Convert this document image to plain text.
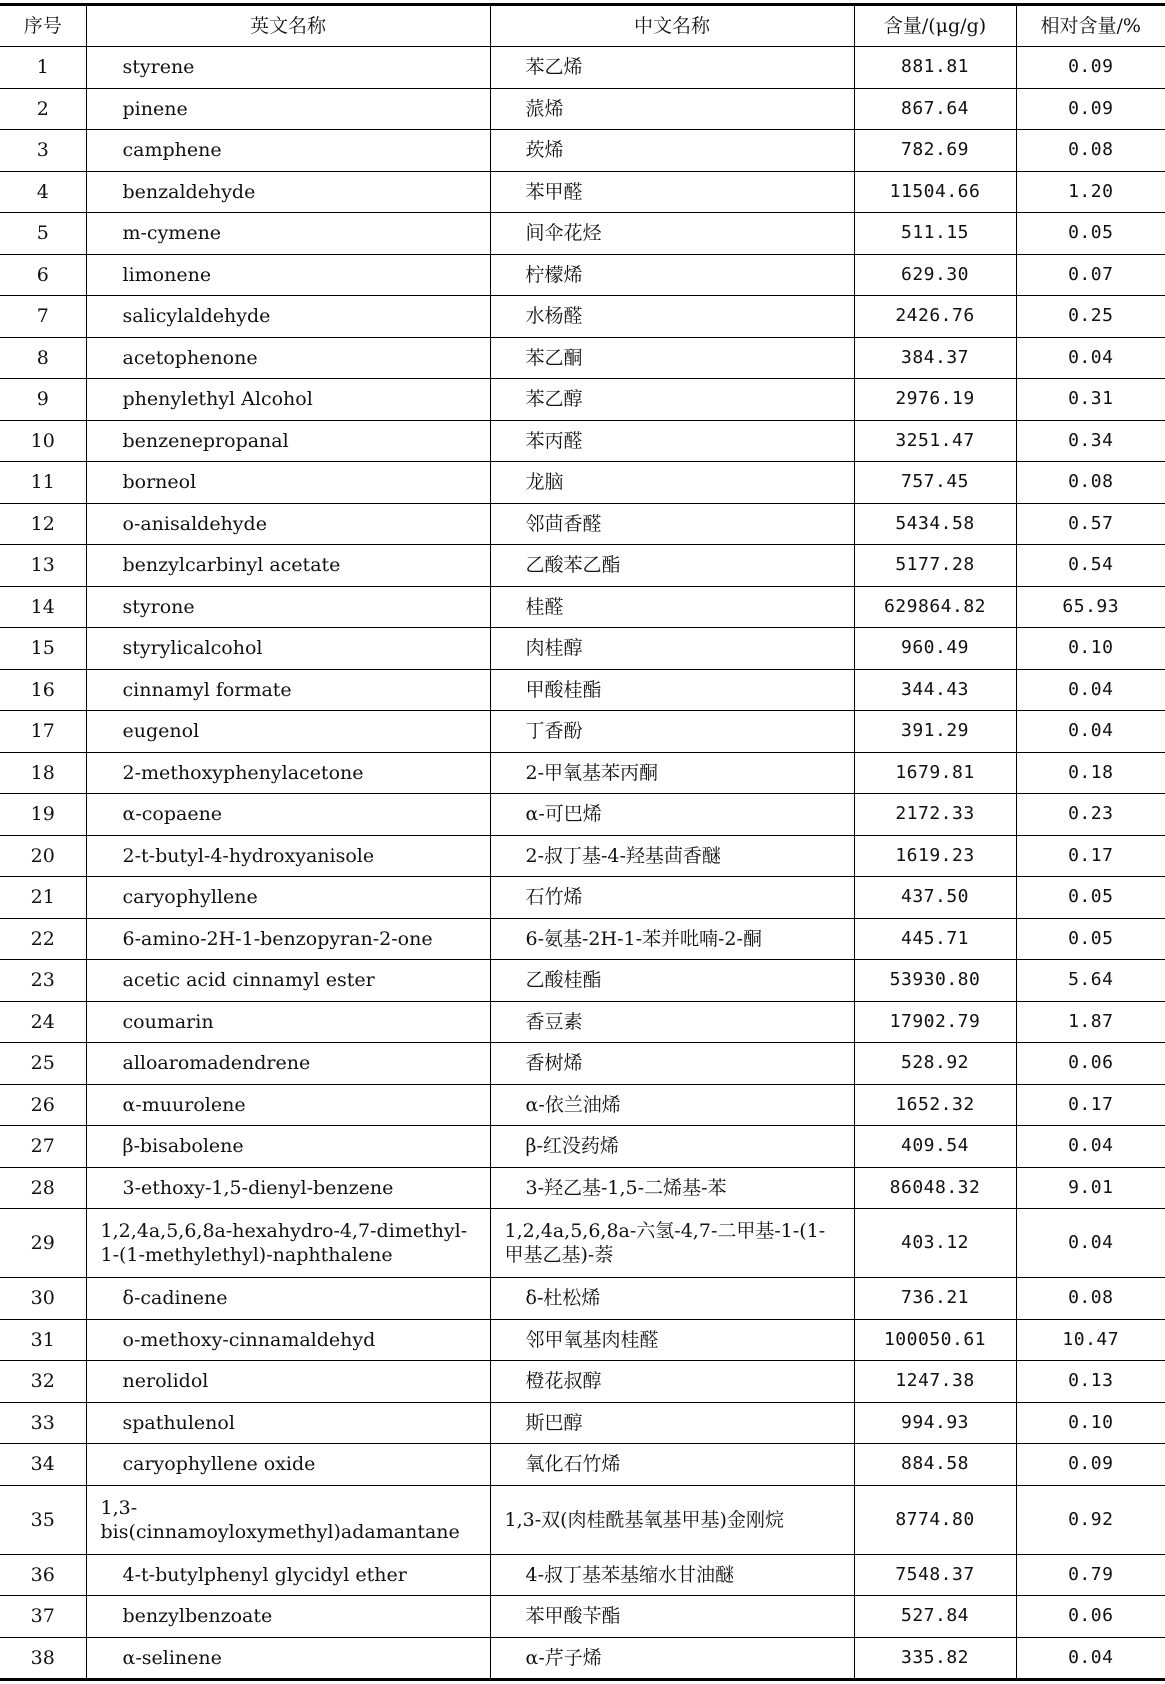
序号	英文名称	中文名称	含量/(μg/g)	相对含量/%
1	styrene	苯乙烯	881.81	0.09
2	pinene	蒎烯	867.64	0.09
3	camphene	莰烯	782.69	0.08
4	benzaldehyde	苯甲醛	11504.66	1.20
5	m-cymene	间伞花烃	511.15	0.05
6	limonene	柠檬烯	629.30	0.07
7	salicylaldehyde	水杨醛	2426.76	0.25
8	acetophenone	苯乙酮	384.37	0.04
9	phenylethyl Alcohol	苯乙醇	2976.19	0.31
10	benzenepropanal	苯丙醛	3251.47	0.34
11	borneol	龙脑	757.45	0.08
12	o-anisaldehyde	邻茴香醛	5434.58	0.57
13	benzylcarbinyl acetate	乙酸苯乙酯	5177.28	0.54
14	styrone	桂醛	629864.82	65.93
15	styrylicalcohol	肉桂醇	960.49	0.10
16	cinnamyl formate	甲酸桂酯	344.43	0.04
17	eugenol	丁香酚	391.29	0.04
18	2-methoxyphenylacetone	2-甲氧基苯丙酮	1679.81	0.18
19	α-copaene	α-可巴烯	2172.33	0.23
20	2-t-butyl-4-hydroxyanisole	2-叔丁基-4-羟基茴香醚	1619.23	0.17
21	caryophyllene	石竹烯	437.50	0.05
22	6-amino-2H-1-benzopyran-2-one	6-氨基-2H-1-苯并吡喃-2-酮	445.71	0.05
23	acetic acid cinnamyl ester	乙酸桂酯	53930.80	5.64
24	coumarin	香豆素	17902.79	1.87
25	alloaromadendrene	香树烯	528.92	0.06
26	α-muurolene	α-依兰油烯	1652.32	0.17
27	β-bisabolene	β-红没药烯	409.54	0.04
28	3-ethoxy-1,5-dienyl-benzene	3-羟乙基-1,5-二烯基-苯	86048.32	9.01
29	1,2,4a,5,6,8a-hexahydro-4,7-dimethyl-1-(1-methylethyl)-naphthalene	1,2,4a,5,6,8a-六氢-4,7-二甲基-1-(1-甲基乙基)-萘	403.12	0.04
30	δ-cadinene	δ-杜松烯	736.21	0.08
31	o-methoxy-cinnamaldehyd	邻甲氧基肉桂醛	100050.61	10.47
32	nerolidol	橙花叔醇	1247.38	0.13
33	spathulenol	斯巴醇	994.93	0.10
34	caryophyllene oxide	氧化石竹烯	884.58	0.09
35	1,3-bis(cinnamoyloxymethyl)adamantane	1,3-双(肉桂酰基氧基甲基)金刚烷	8774.80	0.92
36	4-t-butylphenyl glycidyl ether	4-叔丁基苯基缩水甘油醚	7548.37	0.79
37	benzylbenzoate	苯甲酸苄酯	527.84	0.06
38	α-selinene	α-芹子烯	335.82	0.04
